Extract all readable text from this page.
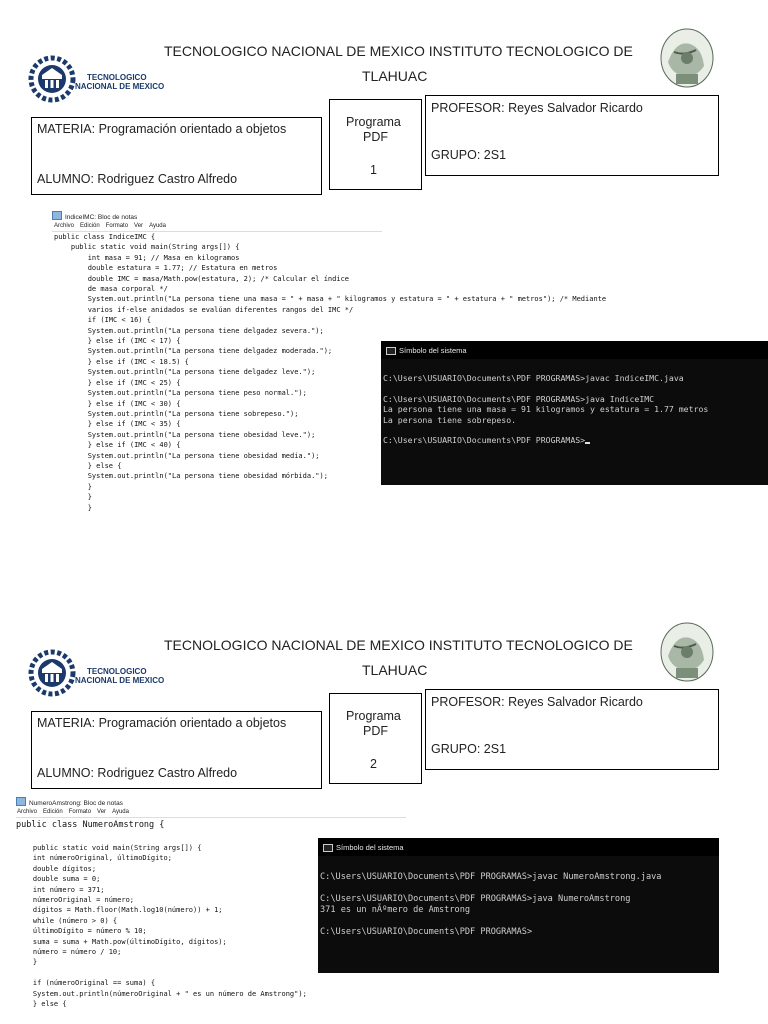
TECNOLOGICO
NACIONAL DE MEXICO
TECNOLOGICO NACIONAL DE MEXICO INSTITUTO TECNOLOGICO DE
TLAHUAC
MATERIA: Programación orientado a objetos
ALUMNO: Rodriguez Castro Alfredo
Programa
PDF
1
PROFESOR: Reyes Salvador Ricardo
GRUPO: 2S1
IndiceIMC: Bloc de notas
Archivo Edición Formato Ver Ayuda
public class IndiceIMC {
public static void main(String args[]) {
int masa = 91; // Masa en kilogramos
double estatura = 1.77; // Estatura en metros
double IMC = masa/Math.pow(estatura, 2); /* Calcular el índice
de masa corporal */
System.out.println("La persona tiene una masa = " + masa + " kilogramos y estatura = " + estatura + " metros"); /* Mediante
varios if-else anidados se evalúan diferentes rangos del IMC */
if (IMC < 16) {
System.out.println("La persona tiene delgadez severa.");
} else if (IMC < 17) {
System.out.println("La persona tiene delgadez moderada.");
} else if (IMC < 18.5) {
System.out.println("La persona tiene delgadez leve.");
} else if (IMC < 25) {
System.out.println("La persona tiene peso normal.");
} else if (IMC < 30) {
System.out.println("La persona tiene sobrepeso.");
} else if (IMC < 35) {
System.out.println("La persona tiene obesidad leve.");
} else if (IMC < 40) {
System.out.println("La persona tiene obesidad media.");
} else {
System.out.println("La persona tiene obesidad mórbida.");
}
}
}
Símbolo del sistema
C:\Users\USUARIO\Documents\PDF PROGRAMAS>javac IndiceIMC.java

C:\Users\USUARIO\Documents\PDF PROGRAMAS>java IndiceIMC
La persona tiene una masa = 91 kilogramos y estatura = 1.77 metros
La persona tiene sobrepeso.

C:\Users\USUARIO\Documents\PDF PROGRAMAS>
TECNOLOGICO
NACIONAL DE MEXICO
TECNOLOGICO NACIONAL DE MEXICO INSTITUTO TECNOLOGICO DE
TLAHUAC
MATERIA: Programación orientado a objetos
ALUMNO: Rodriguez Castro Alfredo
Programa
PDF
2
PROFESOR: Reyes Salvador Ricardo
GRUPO: 2S1
NumeroAmstrong: Bloc de notas
Archivo Edición Formato Ver Ayuda
public class NumeroAmstrong {
public static void main(String args[]) {
int númeroOriginal, últimoDígito;
double dígitos;
double suma = 0;
int número = 371;
númeroOriginal = número;
dígitos = Math.floor(Math.log10(número)) + 1;
while (número > 0) {
últimoDígito = número % 10;
suma = suma + Math.pow(últimoDígito, dígitos);
número = número / 10;
}

if (númeroOriginal == suma) {
System.out.println(númeroOriginal + " es un número de Amstrong");
} else {
Símbolo del sistema
C:\Users\USUARIO\Documents\PDF PROGRAMAS>javac NumeroAmstrong.java

C:\Users\USUARIO\Documents\PDF PROGRAMAS>java NumeroAmstrong
371 es un nÃºmero de Amstrong

C:\Users\USUARIO\Documents\PDF PROGRAMAS>
